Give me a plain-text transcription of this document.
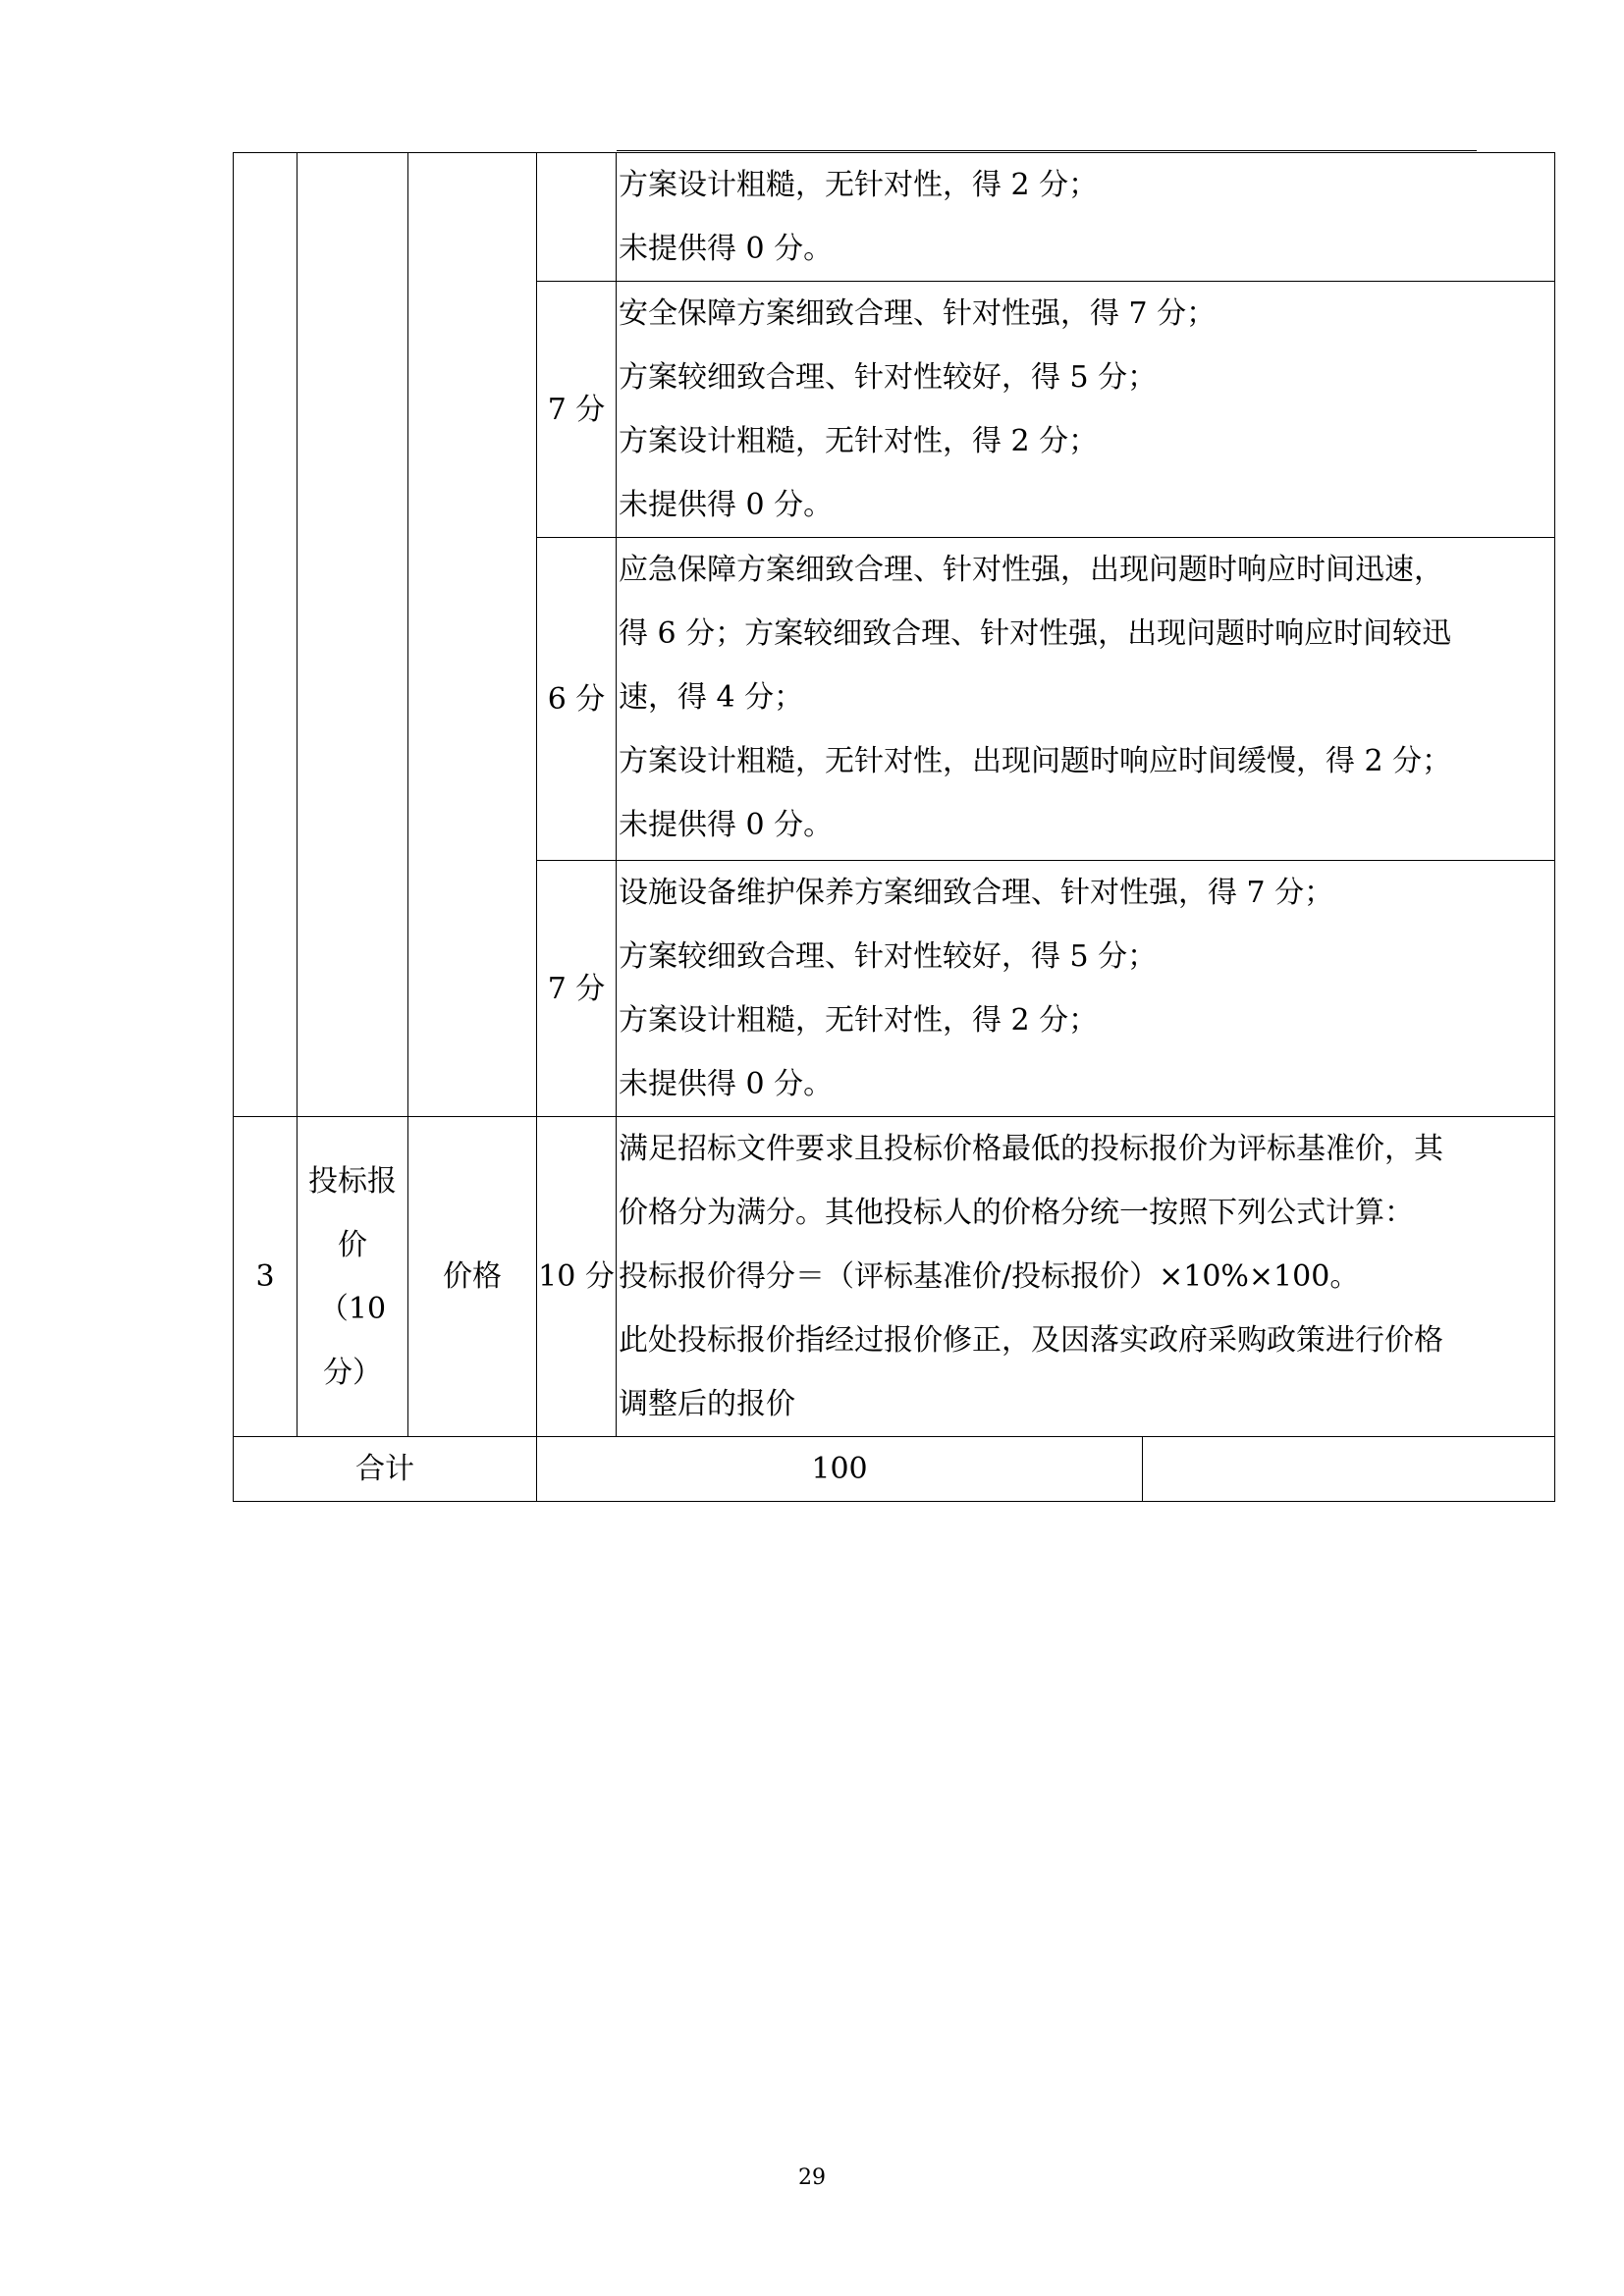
				方案设计粗糙，无针对性，得 2 分；
未提供得 0 分。	

			7 分	安全保障方案细致合理、针对性强，得 7 分；
方案较细致合理、针对性较好，得 5 分；
方案设计粗糙，无针对性，得 2 分；
未提供得 0 分。	

			6 分	应急保障方案细致合理、针对性强，出现问题时响应时间迅速，
得 6 分；方案较细致合理、针对性强，出现问题时响应时间较迅
速，得 4 分；
方案设计粗糙，无针对性，出现问题时响应时间缓慢，得 2 分；
未提供得 0 分。	

			7 分	设施设备维护保养方案细致合理、针对性强，得 7 分；
方案较细致合理、针对性较好，得 5 分；
方案设计粗糙，无针对性，得 2 分；
未提供得 0 分。	

3	投标报
价
（10
分）	价格	10 分	满足招标文件要求且投标价格最低的投标报价为评标基准价，其
价格分为满分。其他投标人的价格分统一按照下列公式计算：
投标报价得分＝（评标基准价/投标报价）×10%×100。
此处投标报价指经过报价修正，及因落实政府采购政策进行价格
调整后的报价	

合计			100		
29
